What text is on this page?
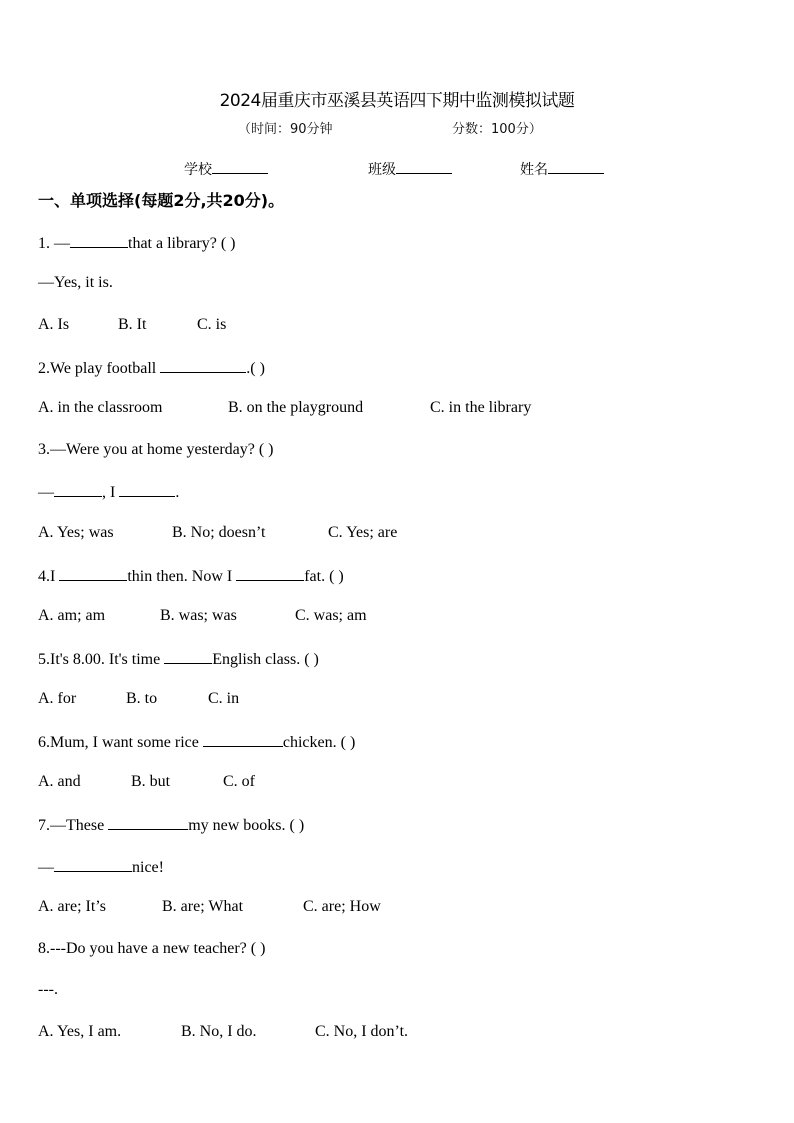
2024届重庆市巫溪县英语四下期中监测模拟试题
（时间：90分钟	分数：100分）
学校	班级	姓名
一、单项选择(每题2分,共20分)。
1. —	that a library? ( )
—Yes, it is.
A. Is	B. It	C. is
2.We play football	.( )
A. in the classroom	B. on the playground	C. in the library
3.—Were you at home yesterday? ( )
—	, I	.
A. Yes; was	B. No; doesn’t	C. Yes; are
4.I	thin then. Now I	fat. ( )
A. am; am	B. was; was	C. was; am
5.It's 8.00. It's time	English class. ( )
A. for	B. to	C. in
6.Mum, I want some rice	chicken. ( )
A. and	B. but	C. of
7.—These	my new books. ( )
—	nice!
A. are; It’s	B. are; What	C. are; How
8.---Do you have a new teacher? ( )
---.
A. Yes, I am.	B. No, I do.	C. No, I don’t.
